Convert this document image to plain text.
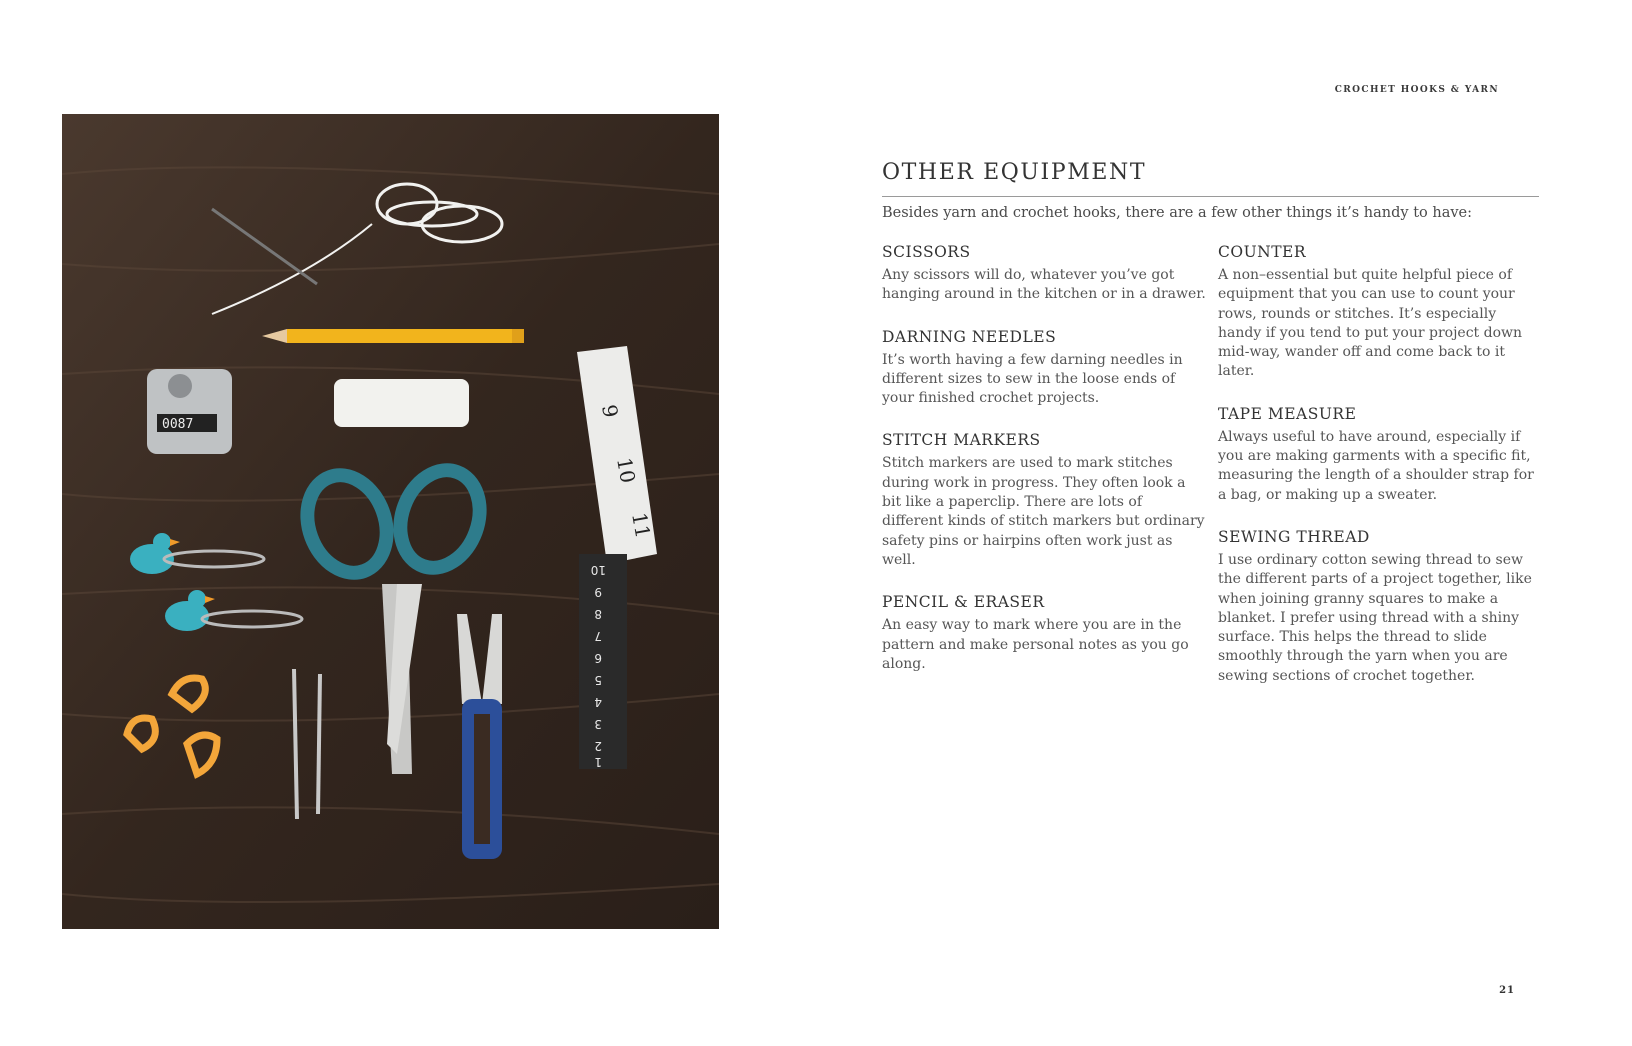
CROCHET HOOKS & YARN
0087
9
10
11
10
9
8
7
6
5
4
3
2
1
OTHER EQUIPMENT

Besides yarn and crochet hooks, there are a few other things it’s handy to have:

SCISSORS

Any scissors will do, whatever you’ve got hanging around in the kitchen or in a drawer.

DARNING NEEDLES

It’s worth having a few darning needles in different sizes to sew in the loose ends of your finished crochet projects.

STITCH MARKERS

Stitch markers are used to mark stitches during work in progress. They often look a bit like a paperclip. There are lots of different kinds of stitch markers but ordinary safety pins or hairpins often work just as well.

PENCIL & ERASER

An easy way to mark where you are in the pattern and make personal notes as you go along.

COUNTER

A non–essential but quite helpful piece of equipment that you can use to count your rows, rounds or stitches. It’s especially handy if you tend to put your project down mid-way, wander off and come back to it later.

TAPE MEASURE

Always useful to have around, especially if you are making garments with a specific fit, measuring the length of a shoulder strap for a bag, or making up a sweater.

SEWING THREAD

I use ordinary cotton sewing thread to sew the different parts of a project together, like when joining granny squares to make a blanket. I prefer using thread with a shiny surface. This helps the thread to slide smoothly through the yarn when you are sewing sections of crochet together.

21
